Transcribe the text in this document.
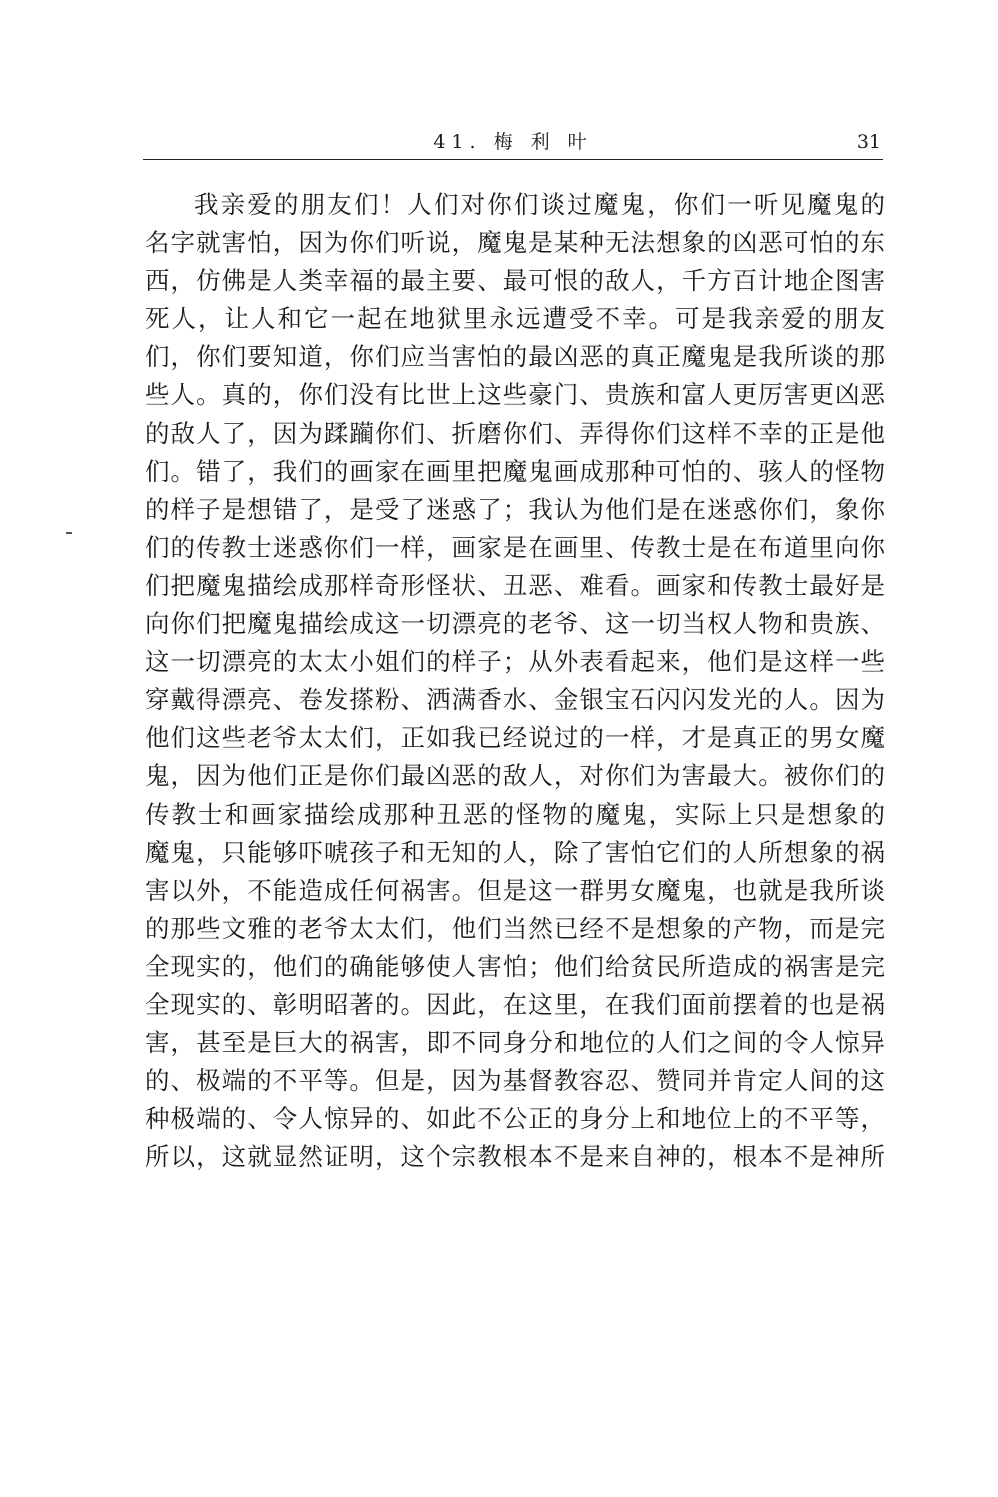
41. 梅 利 叶	31
我亲爱的朋友们！人们对你们谈过魔鬼，你们一听见魔鬼的
名字就害怕，因为你们听说，魔鬼是某种无法想象的凶恶可怕的东
西，仿佛是人类幸福的最主要、最可恨的敌人，千方百计地企图害
死人，让人和它一起在地狱里永远遭受不幸。可是我亲爱的朋友
们，你们要知道，你们应当害怕的最凶恶的真正魔鬼是我所谈的那
些人。真的，你们没有比世上这些豪门、贵族和富人更厉害更凶恶
的敌人了，因为蹂躏你们、折磨你们、弄得你们这样不幸的正是他
们。错了，我们的画家在画里把魔鬼画成那种可怕的、骇人的怪物
的样子是想错了，是受了迷惑了；我认为他们是在迷惑你们，象你
们的传教士迷惑你们一样，画家是在画里、传教士是在布道里向你
们把魔鬼描绘成那样奇形怪状、丑恶、难看。画家和传教士最好是
向你们把魔鬼描绘成这一切漂亮的老爷、这一切当权人物和贵族、
这一切漂亮的太太小姐们的样子；从外表看起来，他们是这样一些
穿戴得漂亮、卷发搽粉、洒满香水、金银宝石闪闪发光的人。因为
他们这些老爷太太们，正如我已经说过的一样，才是真正的男女魔
鬼，因为他们正是你们最凶恶的敌人，对你们为害最大。被你们的
传教士和画家描绘成那种丑恶的怪物的魔鬼，实际上只是想象的
魔鬼，只能够吓唬孩子和无知的人，除了害怕它们的人所想象的祸
害以外，不能造成任何祸害。但是这一群男女魔鬼，也就是我所谈
的那些文雅的老爷太太们，他们当然已经不是想象的产物，而是完
全现实的，他们的确能够使人害怕；他们给贫民所造成的祸害是完
全现实的、彰明昭著的。因此，在这里，在我们面前摆着的也是祸
害，甚至是巨大的祸害，即不同身分和地位的人们之间的令人惊异
的、极端的不平等。但是，因为基督教容忍、赞同并肯定人间的这
种极端的、令人惊异的、如此不公正的身分上和地位上的不平等，
所以，这就显然证明，这个宗教根本不是来自神的，根本不是神所
